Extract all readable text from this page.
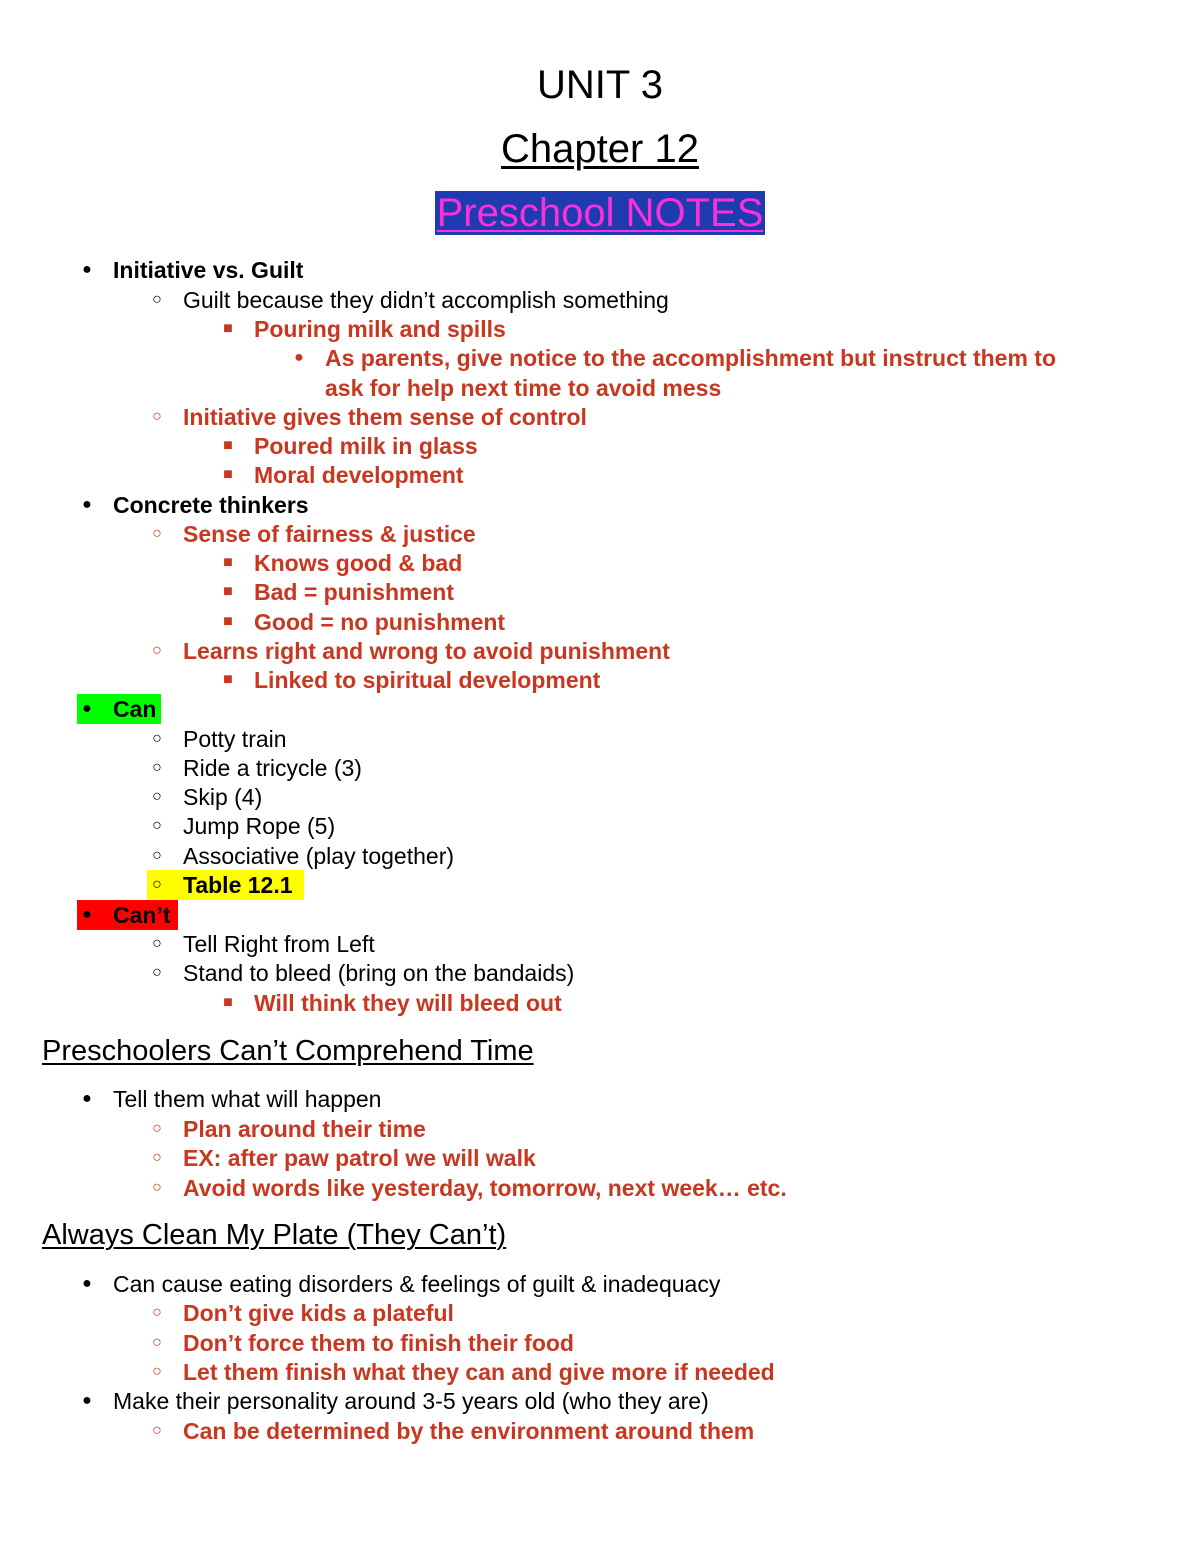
UNIT 3
Chapter 12
Preschool NOTES
● Initiative vs. Guilt
○ Guilt because they didn’t accomplish something
■ Pouring milk and spills
● As parents, give notice to the accomplishment but instruct them to
ask for help next time to avoid mess
○ Initiative gives them sense of control
■ Poured milk in glass
■ Moral development
● Concrete thinkers
○ Sense of fairness & justice
■ Knows good & bad
■ Bad = punishment
■ Good = no punishment
○ Learns right and wrong to avoid punishment
■ Linked to spiritual development
● Can
○ Potty train
○ Ride a tricycle (3)
○ Skip (4)
○ Jump Rope (5)
○ Associative (play together)
○ Table 12.1
● Can’t
○ Tell Right from Left
○ Stand to bleed (bring on the bandaids)
■ Will think they will bleed out
Preschoolers Can’t Comprehend Time
● Tell them what will happen
○ Plan around their time
○ EX: after paw patrol we will walk
○ Avoid words like yesterday, tomorrow, next week… etc.
Always Clean My Plate (They Can’t)
● Can cause eating disorders & feelings of guilt & inadequacy
○ Don’t give kids a plateful
○ Don’t force them to finish their food
○ Let them finish what they can and give more if needed
● Make their personality around 3-5 years old (who they are)
○ Can be determined by the environment around them
